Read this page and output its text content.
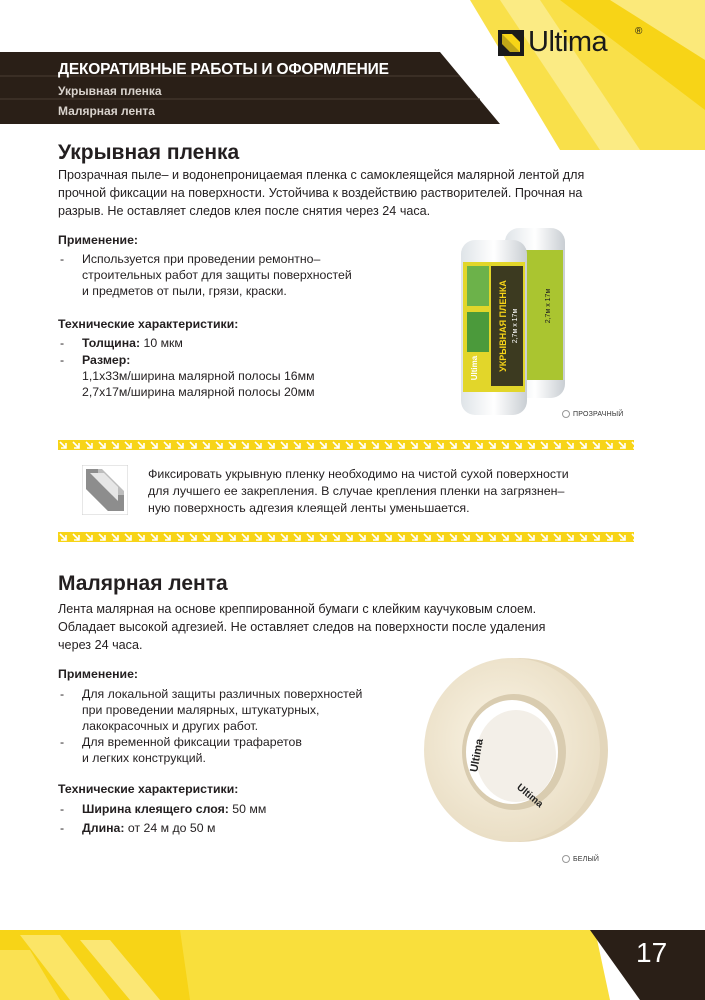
ДЕКОРАТИВНЫЕ РАБОТЫ И ОФОРМЛЕНИЕ
Укрывная пленка
Малярная лента
Ultima	®
Укрывная пленка
Прозрачная пыле– и водонепроницаемая пленка с самоклеящейся малярной лентой для
прочной фиксации на поверхности. Устойчива к воздействию растворителей. Прочная на
разрыв. Не оставляет следов клея после снятия через 24 часа.
Применение:
- Используется при проведении ремонтно–
строительных работ для защиты поверхностей
и предметов от пыли, грязи, краски.
Технические характеристики:
- Толщина: 10 мкм
- Размер:
1,1х33м/ширина малярной полосы 16мм
2,7х17м/ширина малярной полосы 20мм
УКРЫВНАЯ ПЛЕНКА 2,7м х 17м
2,7м х 17м
Ultima
ПРОЗРАЧНЫЙ
Фиксировать укрывную пленку необходимо на чистой сухой поверхности
для лучшего ее закрепления. В случае крепления пленки на загрязнен–
ную поверхность адгезия клеящей ленты уменьшается.
Малярная лента
Лента малярная на основе креппированной бумаги с клейким каучуковым слоем.
Обладает высокой адгезией. Не оставляет следов на поверхности после удаления
через 24 часа.
Применение:
- Для локальной защиты различных поверхностей
при проведении малярных, штукатурных,
лакокрасочных и других работ.
- Для временной фиксации трафаретов
и легких конструкций.
Технические характеристики:
- Ширина клеящего слоя: 50 мм
- Длина: от 24 м до 50 м
Ultima
Ultima
БЕЛЫЙ
17
